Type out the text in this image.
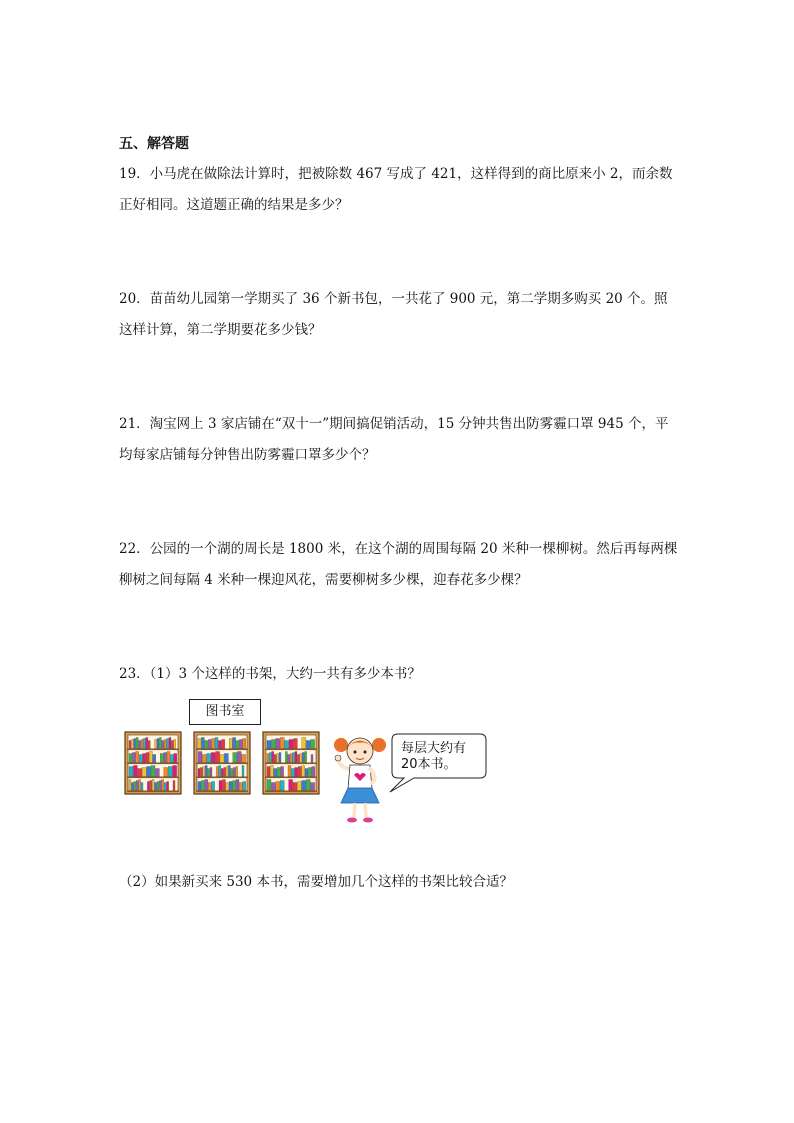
五、解答题
19．小马虎在做除法计算时，把被除数 467 写成了 421，这样得到的商比原来小 2，而余数正好相同。这道题正确的结果是多少？
20．苗苗幼儿园第一学期买了 36 个新书包，一共花了 900 元，第二学期多购买 20 个。照这样计算，第二学期要花多少钱？
21．淘宝网上 3 家店铺在“双十一”期间搞促销活动，15 分钟共售出防雾霾口罩 945 个，平均每家店铺每分钟售出防雾霾口罩多少个？
22．公园的一个湖的周长是 1800 米，在这个湖的周围每隔 20 米种一棵柳树。然后再每两棵柳树之间每隔 4 米种一棵迎风花，需要柳树多少棵，迎春花多少棵？
23．（1）3 个这样的书架，大约一共有多少本书？
图书室
每层大约有
20本书。
（2）如果新买来 530 本书，需要增加几个这样的书架比较合适？
